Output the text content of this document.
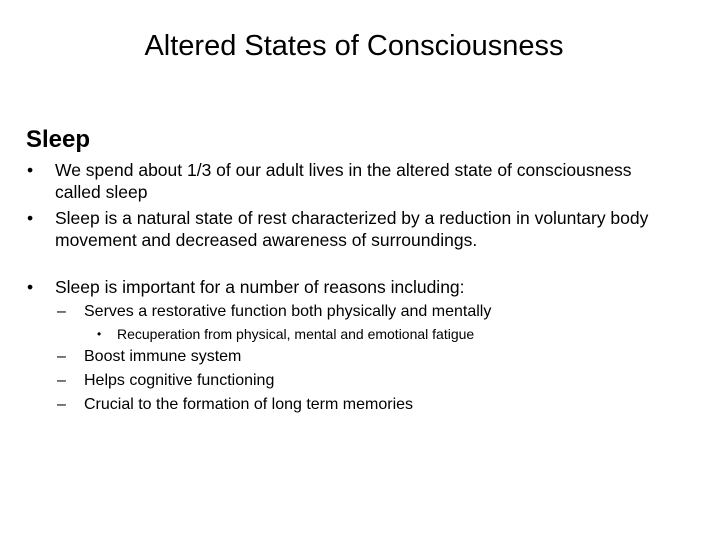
Altered States of Consciousness
Sleep
• We spend about 1/3 of our adult lives in the altered state of consciousness called sleep
• Sleep is a natural state of rest characterized by a reduction in voluntary body movement and decreased awareness of surroundings.
• Sleep is important for a number of reasons including:
– Serves a restorative function both physically and mentally
• Recuperation from physical, mental and emotional fatigue
– Boost immune system
– Helps cognitive functioning
– Crucial to the formation of long term memories
